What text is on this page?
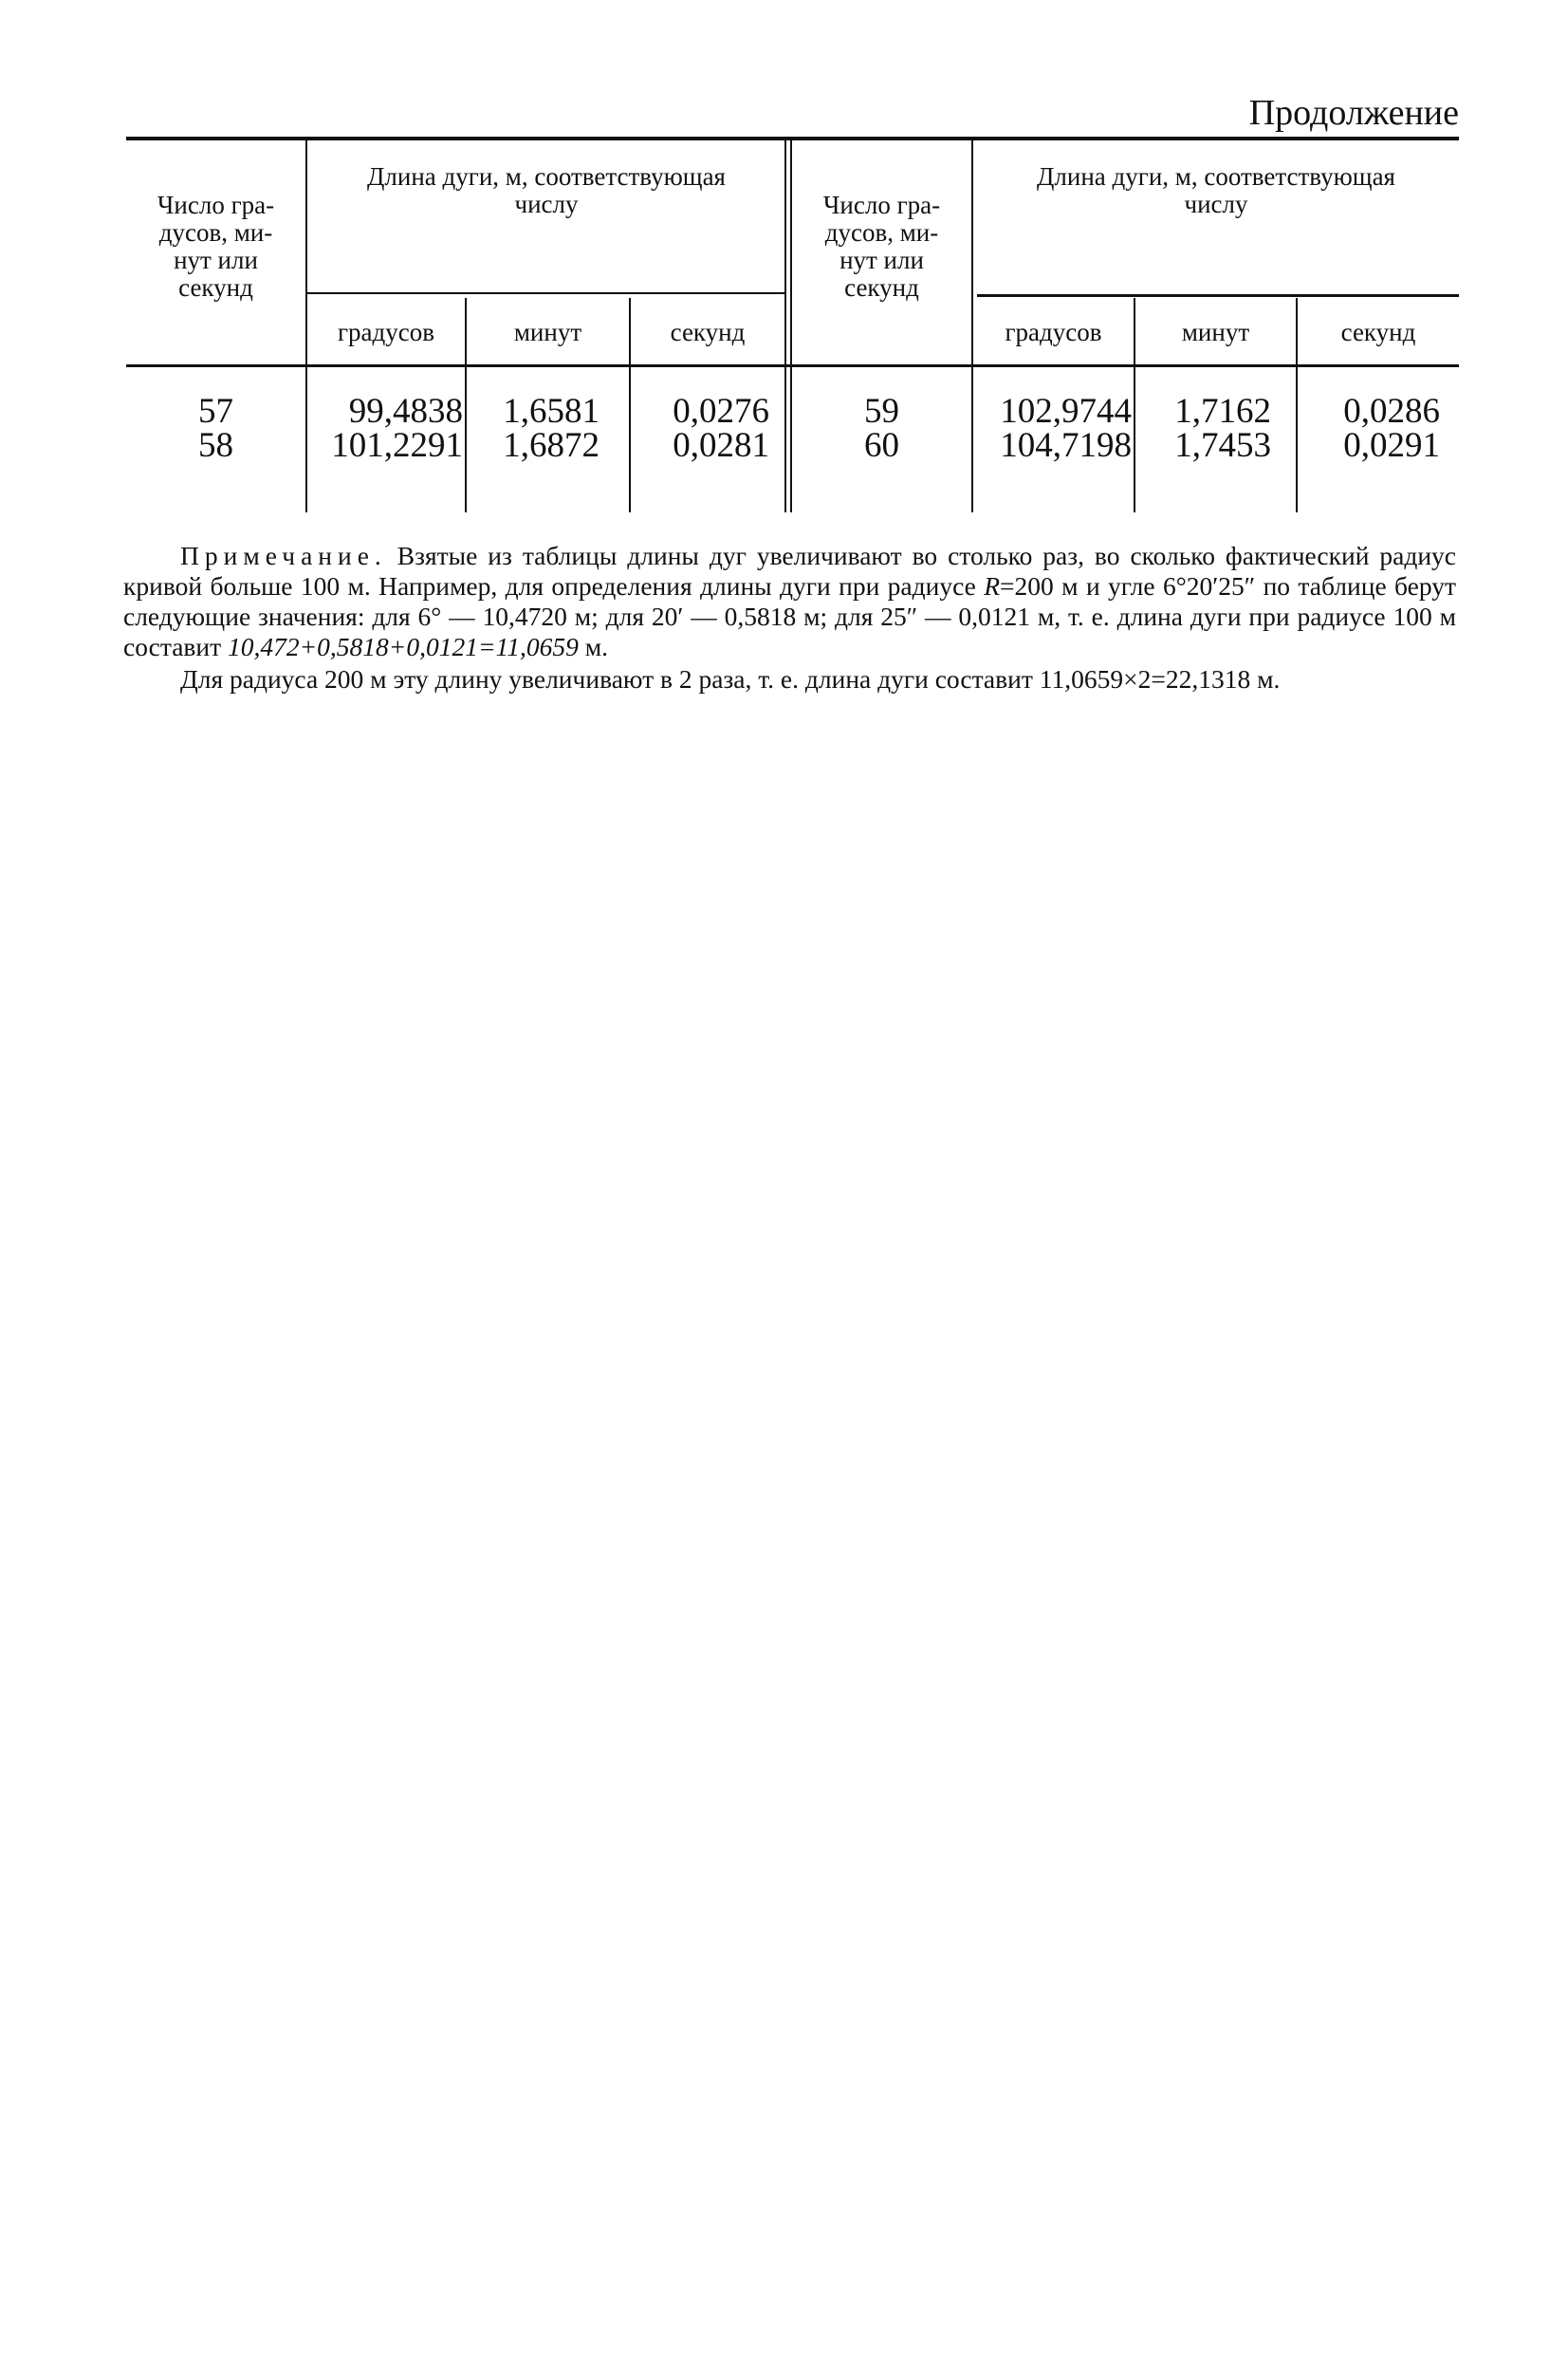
Продолжение
Число гра-
дусов, ми-
нут или
секунд
Длина дуги, м, соответствующая
числу
градусов	минут	секунд
Число гра-
дусов, ми-
нут или
секунд
Длина дуги, м, соответствующая
числу
градусов	минут	секунд
57	99,4838	1,6581	0,0276
58	101,2291	1,6872	0,0281
59	102,9744	1,7162	0,0286
60	104,7198	1,7453	0,0291

Примечание. Взятые из таблицы длины дуг увеличивают во столько раз, во сколько фактический радиус кривой больше 100 м. Например, для определения длины дуги при радиусе R=200 м и угле 6°20′25″ по таблице берут следующие значения: для 6° — 10,4720 м; для 20′ — 0,5818 м; для 25″ — 0,0121 м, т. е. длина дуги при радиусе 100 м составит 10,472+0,5818+0,0121=11,0659 м.

Для радиуса 200 м эту длину увеличивают в 2 раза, т. е. длина дуги составит 11,0659×2=22,1318 м.
